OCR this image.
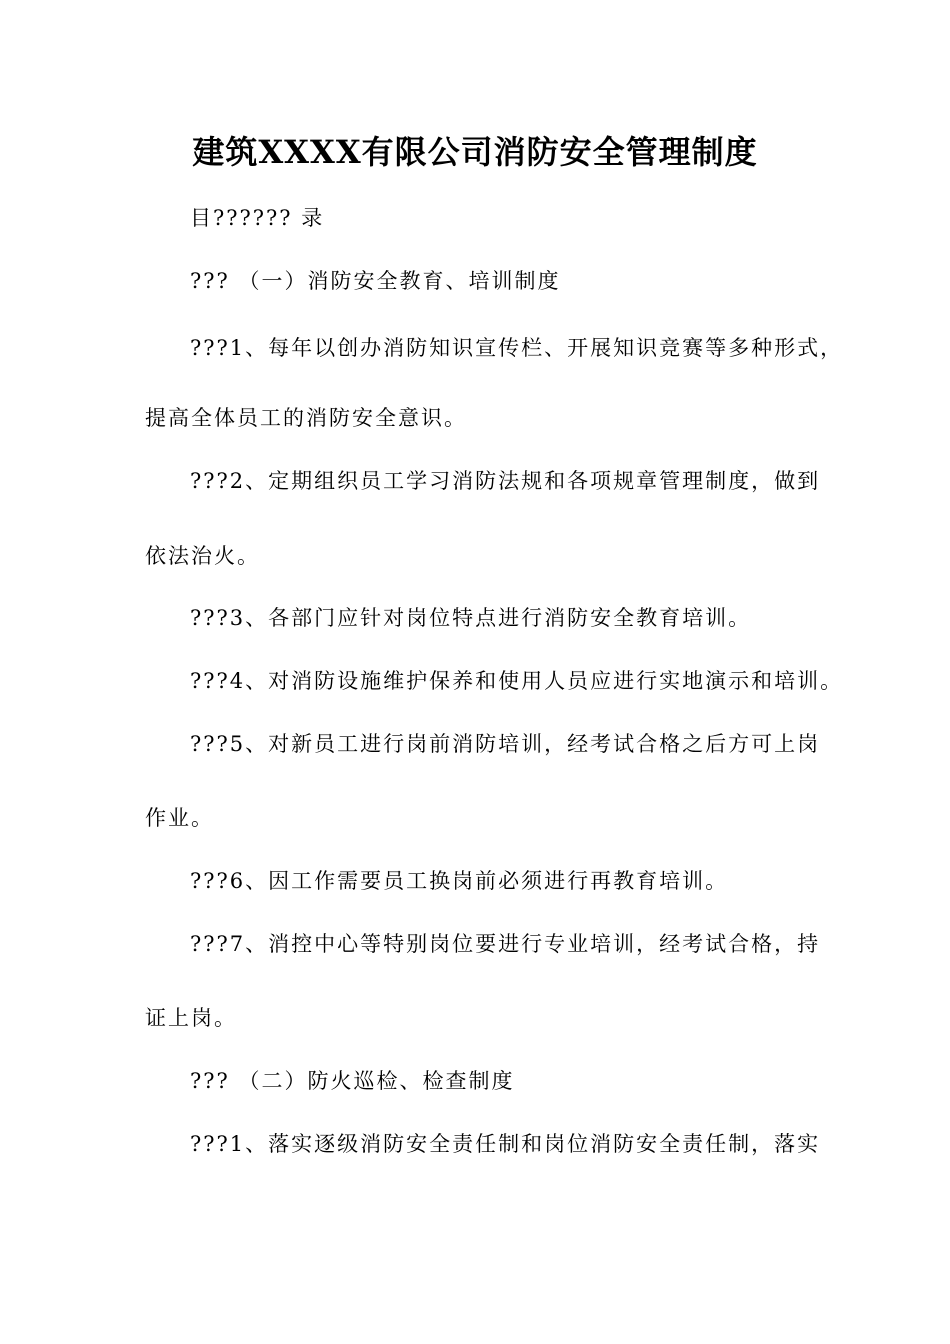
建筑XXXX有限公司消防安全管理制度
目?????? 录
??? （一）消防安全教育、培训制度
???1、每年以创办消防知识宣传栏、开展知识竞赛等多种形式，
提高全体员工的消防安全意识。
???2、定期组织员工学习消防法规和各项规章管理制度，做到
依法治火。
???3、各部门应针对岗位特点进行消防安全教育培训。
???4、对消防设施维护保养和使用人员应进行实地演示和培训。
???5、对新员工进行岗前消防培训，经考试合格之后方可上岗
作业。
???6、因工作需要员工换岗前必须进行再教育培训。
???7、消控中心等特别岗位要进行专业培训，经考试合格，持
证上岗。
??? （二）防火巡检、检查制度
???1、落实逐级消防安全责任制和岗位消防安全责任制，落实
